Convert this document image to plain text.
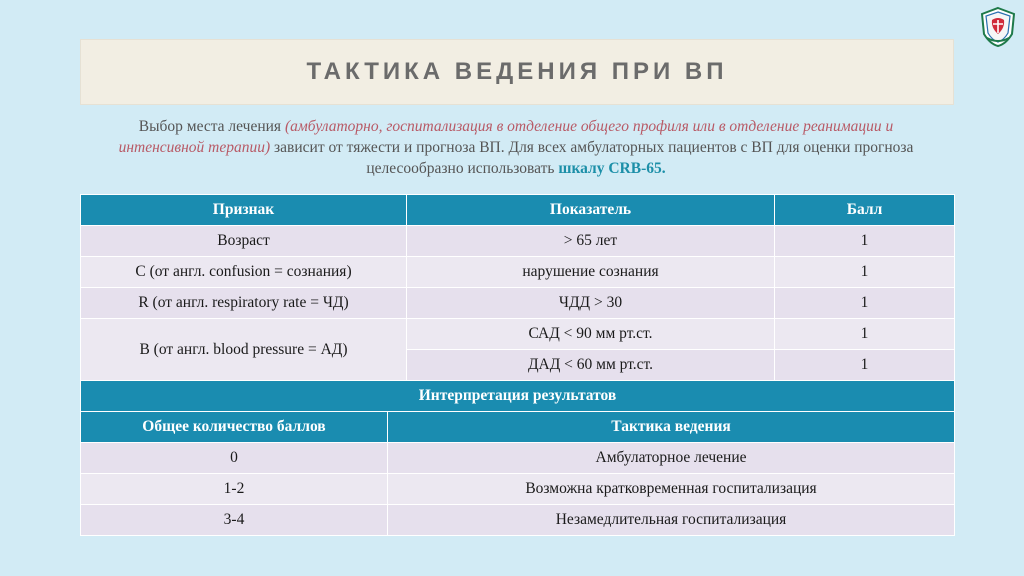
ТАКТИКА ВЕДЕНИЯ ПРИ ВП
Выбор места лечения (амбулаторно, госпитализация в отделение общего профиля или в отделение реанимации и интенсивной терапии) зависит от тяжести и прогноза ВП. Для всех амбулаторных пациентов с ВП для оценки прогноза целесообразно использовать шкалу CRB-65.
Признак	Показатель	Балл
Возраст	> 65 лет	1
С (от англ. confusion = сознания)	нарушение сознания	1
R (от англ. respiratory rate = ЧД)	ЧДД > 30	1
B (от англ. blood pressure = АД)	САД < 90 мм рт.ст.	1
	ДАД < 60 мм рт.ст.	1
Интерпретация результатов	
Общее количество баллов	Тактика ведения
0	Амбулаторное лечение
1-2	Возможна кратковременная госпитализация
3-4	Незамедлительная госпитализация
